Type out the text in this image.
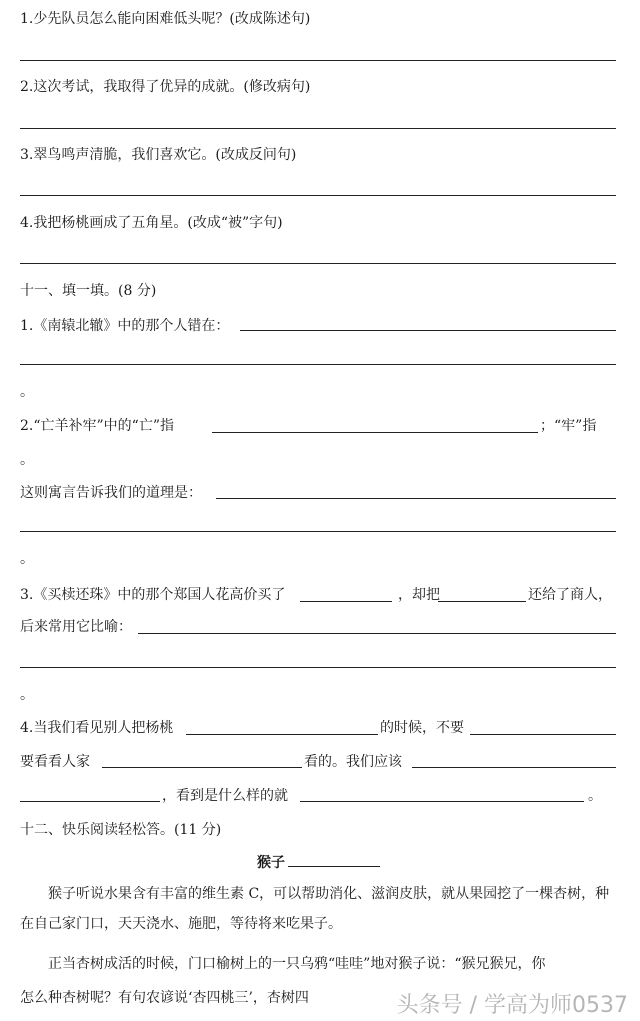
1.少先队员怎么能向困难低头呢？(改成陈述句)
2.这次考试，我取得了优异的成就。(修改病句)
3.翠鸟鸣声清脆，我们喜欢它。(改成反问句)
4.我把杨桃画成了五角星。(改成“被”字句)
十一、填一填。(8 分)
1.《南辕北辙》中的那个人错在：
。
2.“亡羊补牢”中的“亡”指	；“牢”指
。
这则寓言告诉我们的道理是：
。
3.《买椟还珠》中的那个郑国人花高价买了	，却把	还给了商人，
后来常用它比喻：
。
4.当我们看见别人把杨桃	的时候，不要
要看看人家	看的。我们应该
，看到是什么样的就	。
十二、快乐阅读轻松答。(11 分)
猴子
猴子听说水果含有丰富的维生素 C，可以帮助消化、滋润皮肤，就从果园挖了一棵杏树，种在自己家门口，天天浇水、施肥，等待将来吃果子。
正当杏树成活的时候，门口榆树上的一只乌鸦“哇哇”地对猴子说：“猴兄猴兄，你
怎么种杏树呢？有句农谚说‘杏四桃三’，杏树四	头条号 / 学高为师0537
